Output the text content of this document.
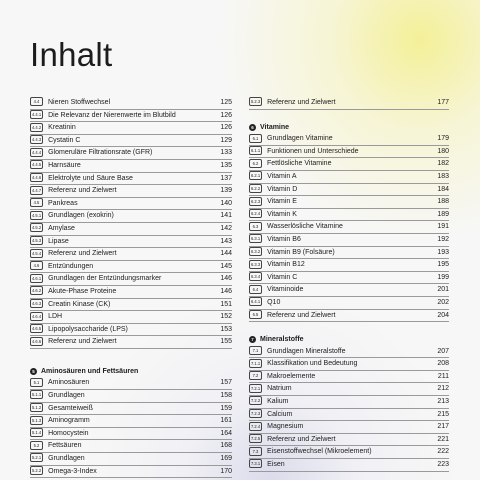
Inhalt
4.4	Nieren Stoffwechsel	125
4.4.1 Die Relevanz der Nierenwerte im Blutbild	126
4.4.2 Kreatinin	126
4.4.3 Cystatin C	129
4.4.4 Glomeruläre Filtrationsrate (GFR)	133
4.4.5 Harnsäure	135
4.4.6 Elektrolyte und Säure Base	137
4.4.7 Referenz und Zielwert	139
4.5	Pankreas	140
4.5.1 Grundlagen (exokrin)	141
4.5.2 Amylase	142
4.5.3 Lipase	143
4.5.4 Referenz und Zielwert	144
4.6	Entzündungen	145
4.6.1 Grundlagen der Entzündungsmarker	146
4.6.2 Akute-Phase Proteine	146
4.6.3 Creatin Kinase (CK)	151
4.6.4 LDH	152
4.6.5 Lipopolysaccharide (LPS)	153
4.6.6 Referenz und Zielwert	155
5 Aminosäuren und Fettsäuren
5.1	Aminosäuren	157
5.1.1 Grundlagen	158
5.1.2 Gesamteiweiß	159
5.1.3 Aminogramm	161
5.1.4 Homocystein	164
5.2	Fettsäuren	168
5.2.1 Grundlagen	169
5.2.2 Omega-3-Index	170
5.2.3 Referenz und Zielwert	177
6 Vitamine
6.1	Grundlagen Vitamine	179
6.1.1 Funktionen und Unterschiede	180
6.2	Fettlösliche Vitamine	182
6.2.1 Vitamin A	183
6.2.2 Vitamin D	184
6.2.3 Vitamin E	188
6.2.4 Vitamin K	189
6.3	Wasserlösliche Vitamine	191
6.3.1 Vitamin B6	192
6.3.2 Vitamin B9 (Folsäure)	193
6.3.3 Vitamin B12	195
6.3.4 Vitamin C	199
6.4	Vitaminoide	201
6.4.1 Q10	202
6.5	Referenz und Zielwert	204
7 Mineralstoffe
7.1	Grundlagen Mineralstoffe	207
7.1.1 Klassifikation und Bedeutung	208
7.2	Makroelemente	211
7.2.1 Natrium	212
7.2.2 Kalium	213
7.2.3 Calcium	215
7.2.4 Magnesium	217
7.2.5 Referenz und Zielwert	221
7.3	Eisenstoffwechsel (Mikroelement)	222
7.3.1 Eisen	223
